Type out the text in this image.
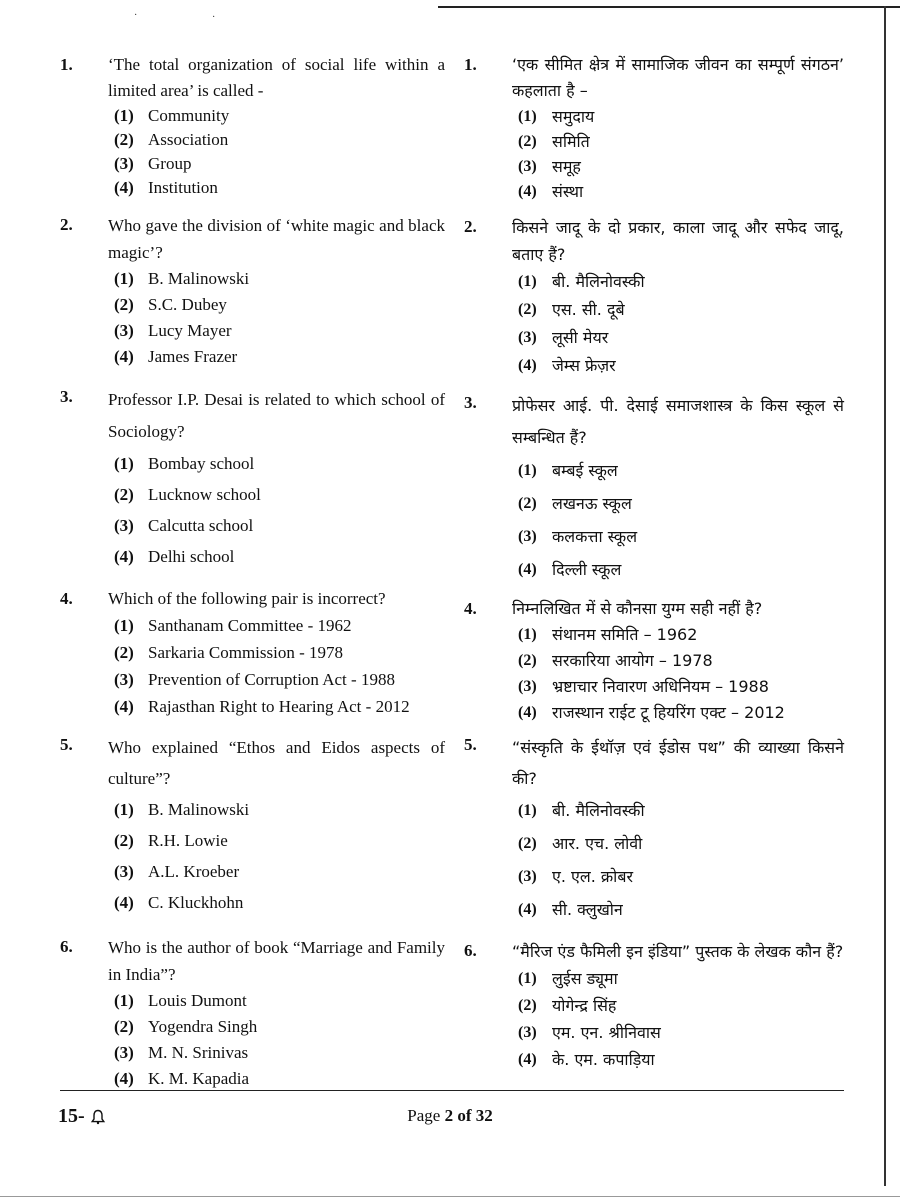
·	·
1. ‘The total organization of social life within a limited area’ is called -
(1) Community
(2) Association
(3) Group
(4) Institution
2. Who gave the division of ‘white magic and black magic’?
(1) B. Malinowski
(2) S.C. Dubey
(3) Lucy Mayer
(4) James Frazer
3. Professor I.P. Desai is related to which school of Sociology?
(1) Bombay school
(2) Lucknow school
(3) Calcutta school
(4) Delhi school
4. Which of the following pair is incorrect?
(1) Santhanam Committee - 1962
(2) Sarkaria Commission - 1978
(3) Prevention of Corruption Act - 1988
(4) Rajasthan Right to Hearing Act - 2012
5. Who explained “Ethos and Eidos aspects of culture”?
(1) B. Malinowski
(2) R.H. Lowie
(3) A.L. Kroeber
(4) C. Kluckhohn
6. Who is the author of book “Marriage and Family in India”?
(1) Louis Dumont
(2) Yogendra Singh
(3) M. N. Srinivas
(4) K. M. Kapadia
1. ‘एक सीमित क्षेत्र में सामाजिक जीवन का सम्पूर्ण संगठन’ कहलाता है –
(1) समुदाय
(2) समिति
(3) समूह
(4) संस्था
2. किसने जादू के दो प्रकार, काला जादू और सफेद जादू, बताए हैं?
(1) बी. मैलिनोवस्की
(2) एस. सी. दूबे
(3) लूसी मेयर
(4) जेम्स फ्रेज़र
3. प्रोफेसर आई. पी. देसाई समाजशास्त्र के किस स्कूल से सम्बन्धित हैं?
(1) बम्बई स्कूल
(2) लखनऊ स्कूल
(3) कलकत्ता स्कूल
(4) दिल्ली स्कूल
4. निम्नलिखित में से कौनसा युग्म सही नहीं है?
(1) संथानम समिति – 1962
(2) सरकारिया आयोग – 1978
(3) भ्रष्टाचार निवारण अधिनियम – 1988
(4) राजस्थान राईट टू हियरिंग एक्ट – 2012
5. “संस्कृति के ईथॉज़ एवं ईडोस पथ” की व्याख्या किसने की?
(1) बी. मैलिनोवस्की
(2) आर. एच. लोवी
(3) ए. एल. क्रोबर
(4) सी. क्लुखोन
6. “मैरिज एंड फैमिली इन इंडिया” पुस्तक के लेखक कौन हैं?
(1) लुईस ड्यूमा
(2) योगेन्द्र सिंह
(3) एम. एन. श्रीनिवास
(4) के. एम. कपाड़िया
15-	Page 2 of 32
